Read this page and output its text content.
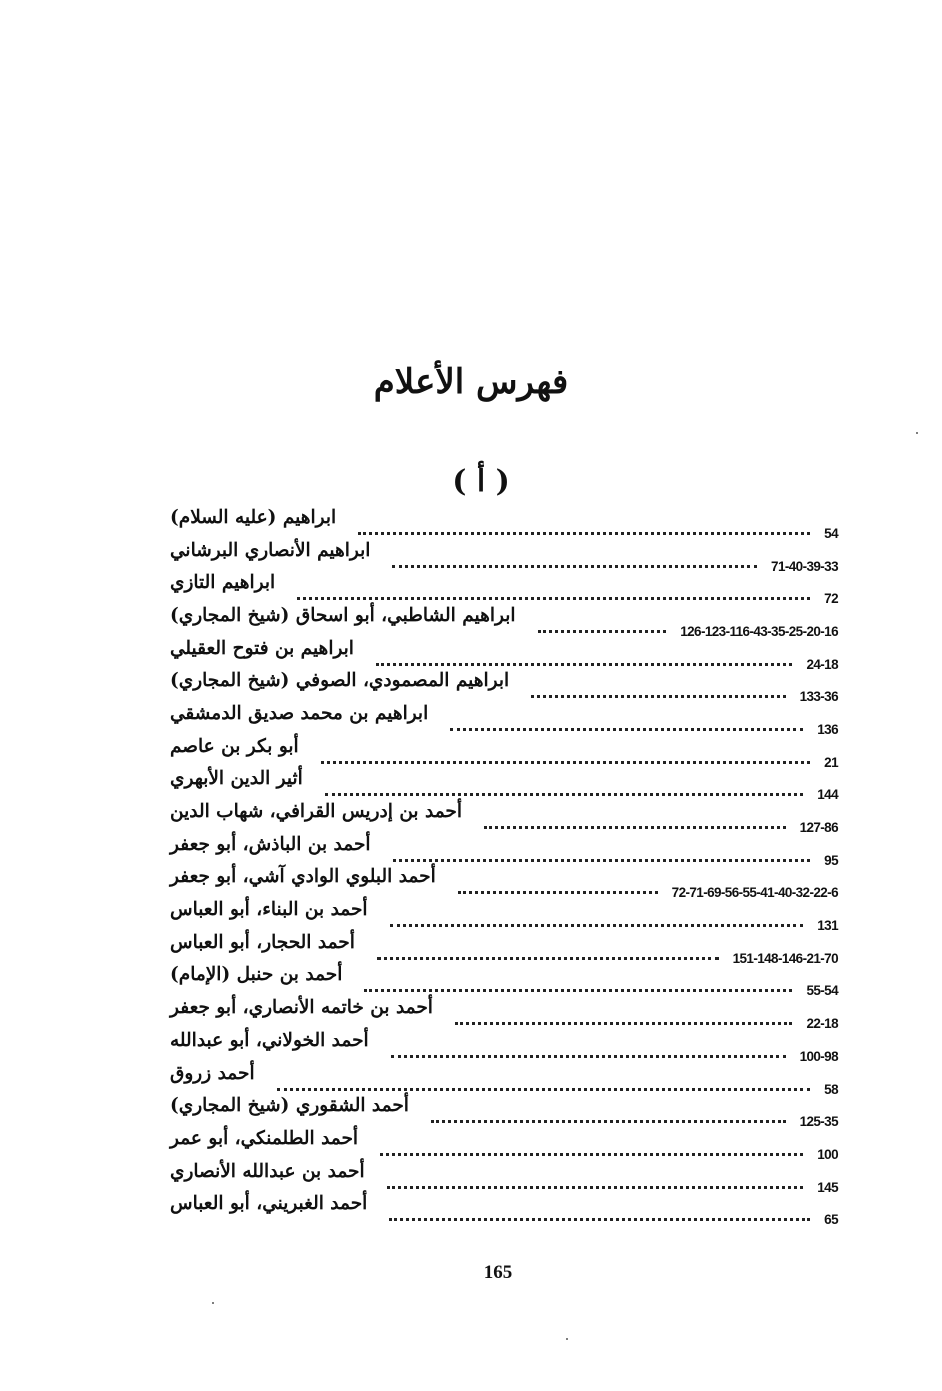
فهرس الأعلام
( أ )
ابراهيم (عليه السلام)
54
ابراهيم الأنصاري البرشاني
71-40-39-33
ابراهيم التازي
72
ابراهيم الشاطبي، أبو اسحاق (شيخ المجاري)
126-123-116-43-35-25-20-16
ابراهيم بن فتوح العقيلي
24-18
ابراهيم المصمودي، الصوفي (شيخ المجاري)
133-36
ابراهيم بن محمد صديق الدمشقي
136
أبو بكر بن عاصم
21
أثير الدين الأبهري
144
أحمد بن إدريس القرافي، شهاب الدين
127-86
أحمد بن الباذش، أبو جعفر
95
أحمد البلوي الوادي آشي، أبو جعفر
72-71-69-56-55-41-40-32-22-6
أحمد بن البناء، أبو العباس
131
أحمد الحجار، أبو العباس
151-148-146-21-70
أحمد بن حنبل (الإمام)
55-54
أحمد بن خاتمه الأنصاري، أبو جعفر
22-18
أحمد الخولاني، أبو عبدالله
100-98
أحمد زروق
58
أحمد الشقوري (شيخ المجاري)
125-35
أحمد الطلمنكي، أبو عمر
100
أحمد بن عبدالله الأنصاري
145
أحمد الغبريني، أبو العباس
65
165
